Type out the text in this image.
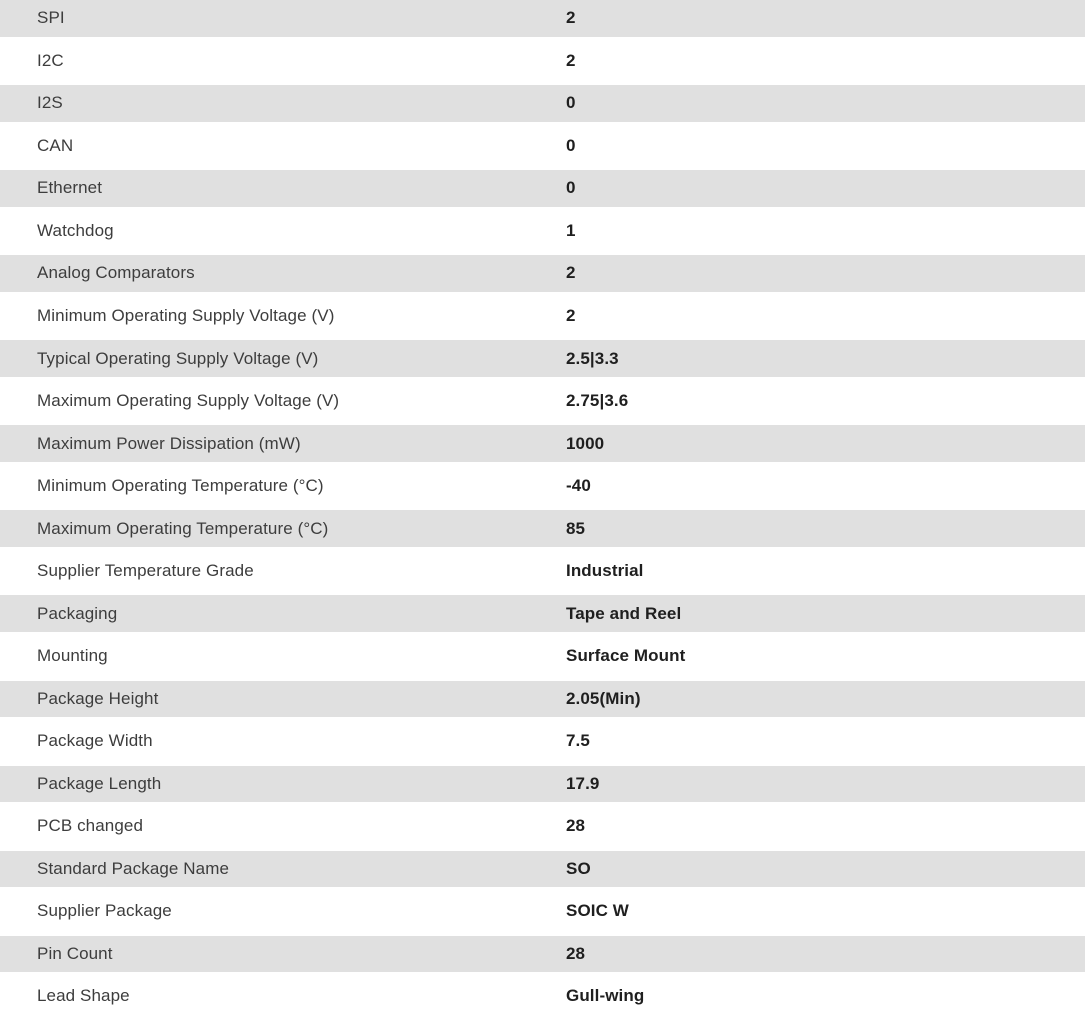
SPI	2
I2C	2
I2S	0
CAN	0
Ethernet	0
Watchdog	1
Analog Comparators	2
Minimum Operating Supply Voltage (V)	2
Typical Operating Supply Voltage (V)	2.5|3.3
Maximum Operating Supply Voltage (V)	2.75|3.6
Maximum Power Dissipation (mW)	1000
Minimum Operating Temperature (°C)	-40
Maximum Operating Temperature (°C)	85
Supplier Temperature Grade	Industrial
Packaging	Tape and Reel
Mounting	Surface Mount
Package Height	2.05(Min)
Package Width	7.5
Package Length	17.9
PCB changed	28
Standard Package Name	SO
Supplier Package	SOIC W
Pin Count	28
Lead Shape	Gull-wing
